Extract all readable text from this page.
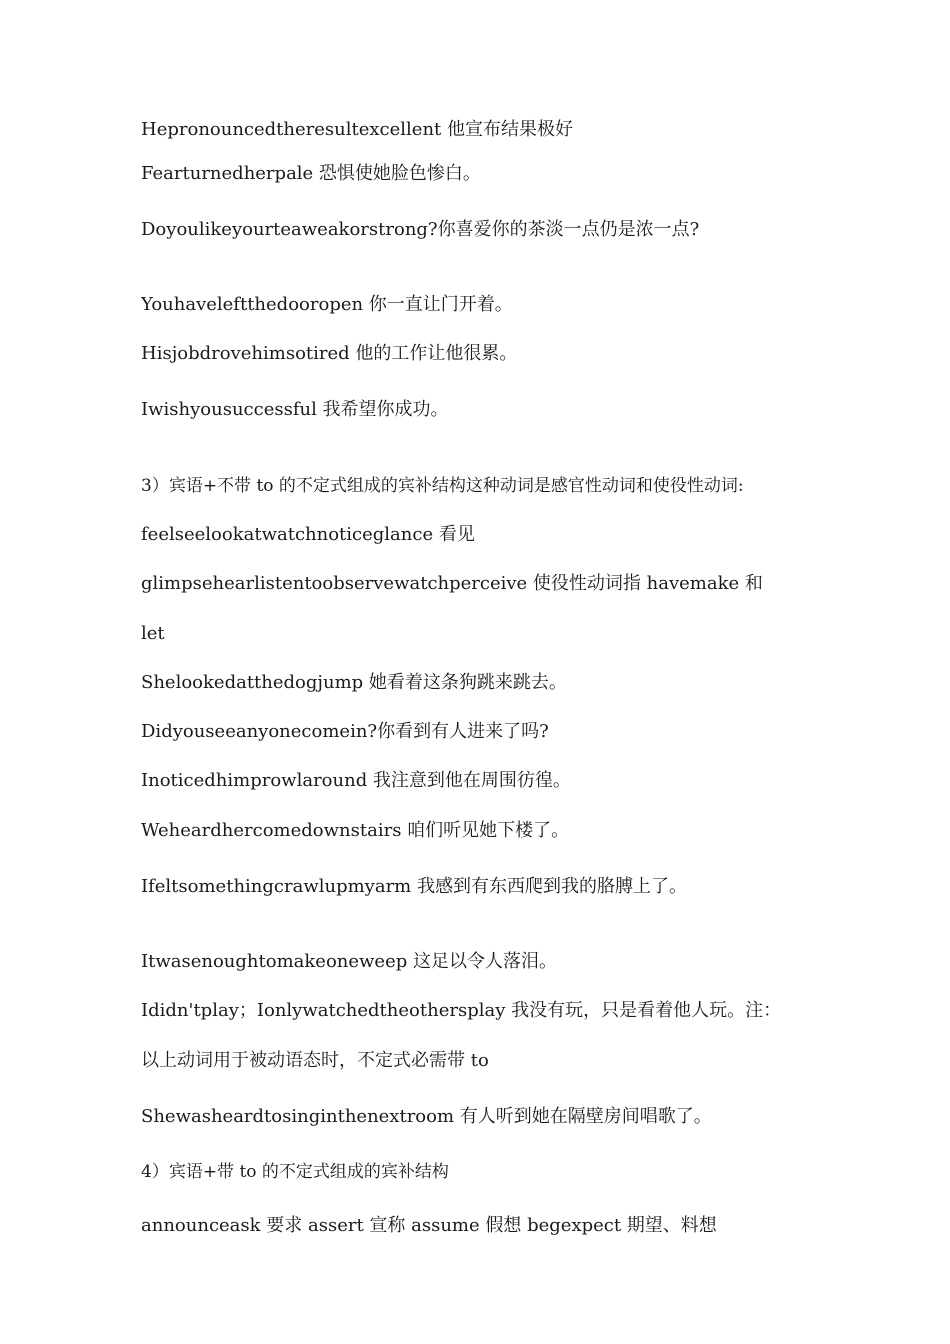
Hepronouncedtheresultexcellent 他宣布结果极好
Fearturnedherpale 恐惧使她脸色惨白。
Doyoulikeyourteaweakorstrong?你喜爱你的茶淡一点仍是浓一点?
Youhaveleftthedooropen 你一直让门开着。
Hisjobdrovehimsotired 他的工作让他很累。
Iwishyousuccessful 我希望你成功。
3）宾语+不带 to 的不定式组成的宾补结构这种动词是感官性动词和使役性动词:
feelseelookatwatchnoticeglance 看见
glimpsehearlistentoobservewatchperceive 使役性动词指 havemake 和
let
Shelookedatthedogjump 她看着这条狗跳来跳去。
Didyouseeanyonecomein?你看到有人进来了吗?
Inoticedhimprowlaround 我注意到他在周围彷徨。
Weheardhercomedownstairs 咱们听见她下楼了。
Ifeltsomethingcrawlupmyarm 我感到有东西爬到我的胳膊上了。
Itwasenoughtomakeoneweep 这足以令人落泪。
Ididn'tplay；Ionlywatchedtheothersplay 我没有玩，只是看着他人玩。注：
以上动词用于被动语态时，不定式必需带 to
Shewasheardtosinginthenextroom 有人听到她在隔壁房间唱歌了。
4）宾语+带 to 的不定式组成的宾补结构
announceask 要求 assert 宣称 assume 假想 begexpect 期望、料想
